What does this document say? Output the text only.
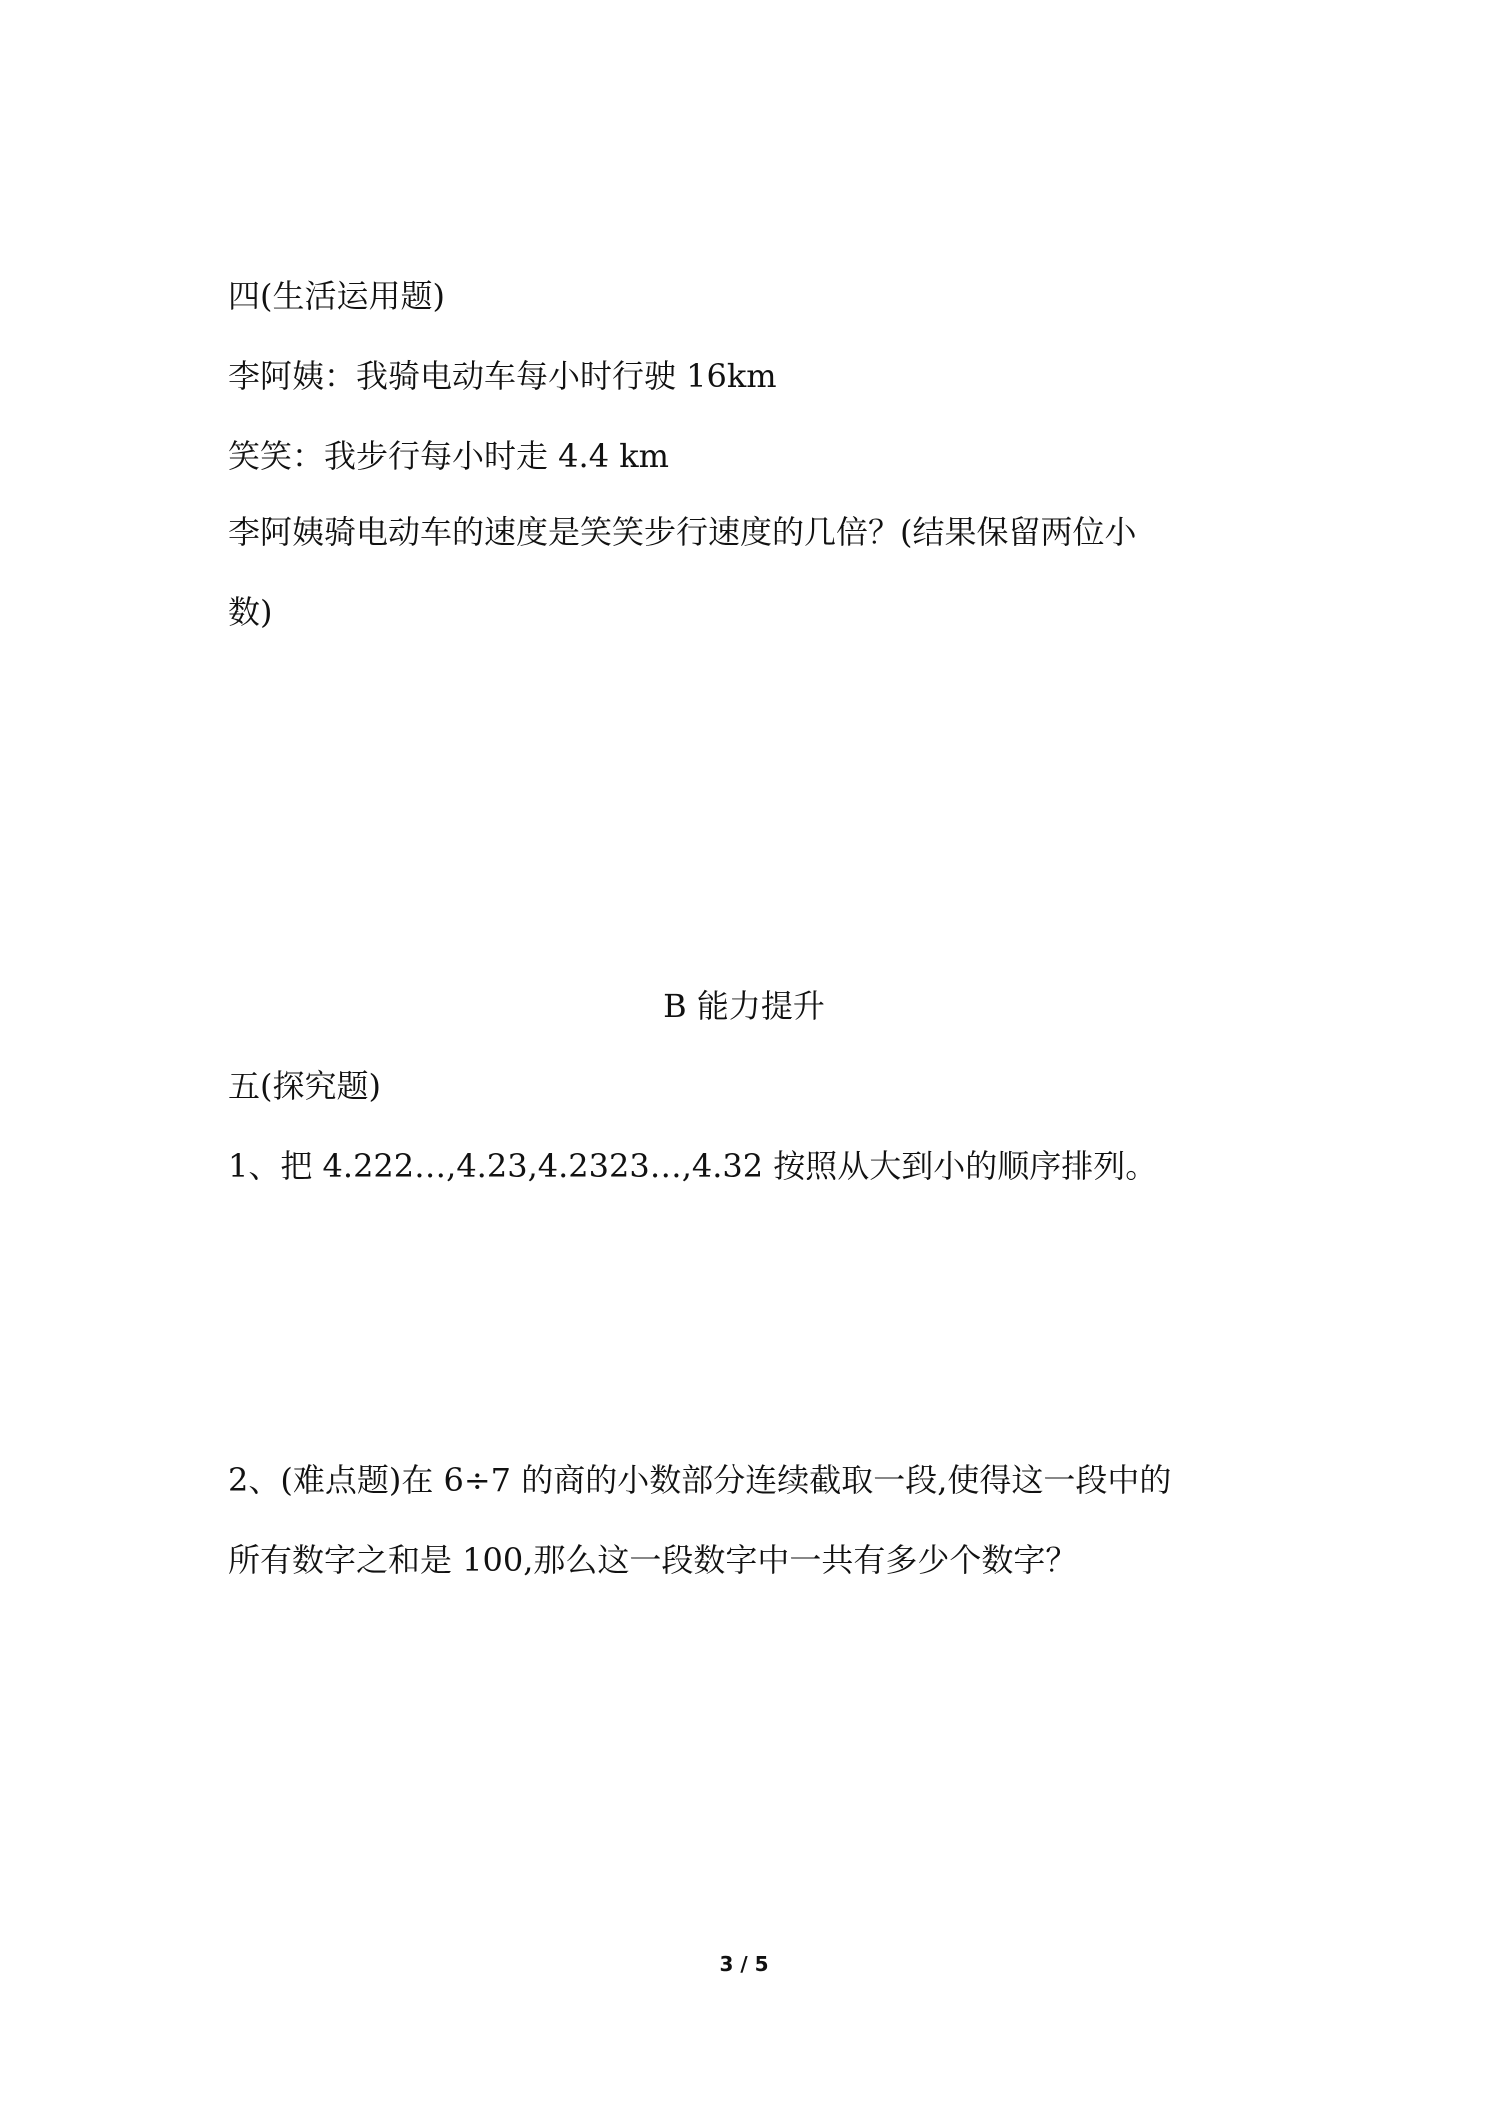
四(生活运用题)

李阿姨：我骑电动车每小时行驶 16km

笑笑：我步行每小时走 4.4 km

李阿姨骑电动车的速度是笑笑步行速度的几倍？(结果保留两位小

数)

B 能力提升

五(探究题)

1、把 4.222…,4.23,4.2323…,4.32 按照从大到小的顺序排列。

2、(难点题)在 6÷7 的商的小数部分连续截取一段,使得这一段中的

所有数字之和是 100,那么这一段数字中一共有多少个数字？

3 / 5
